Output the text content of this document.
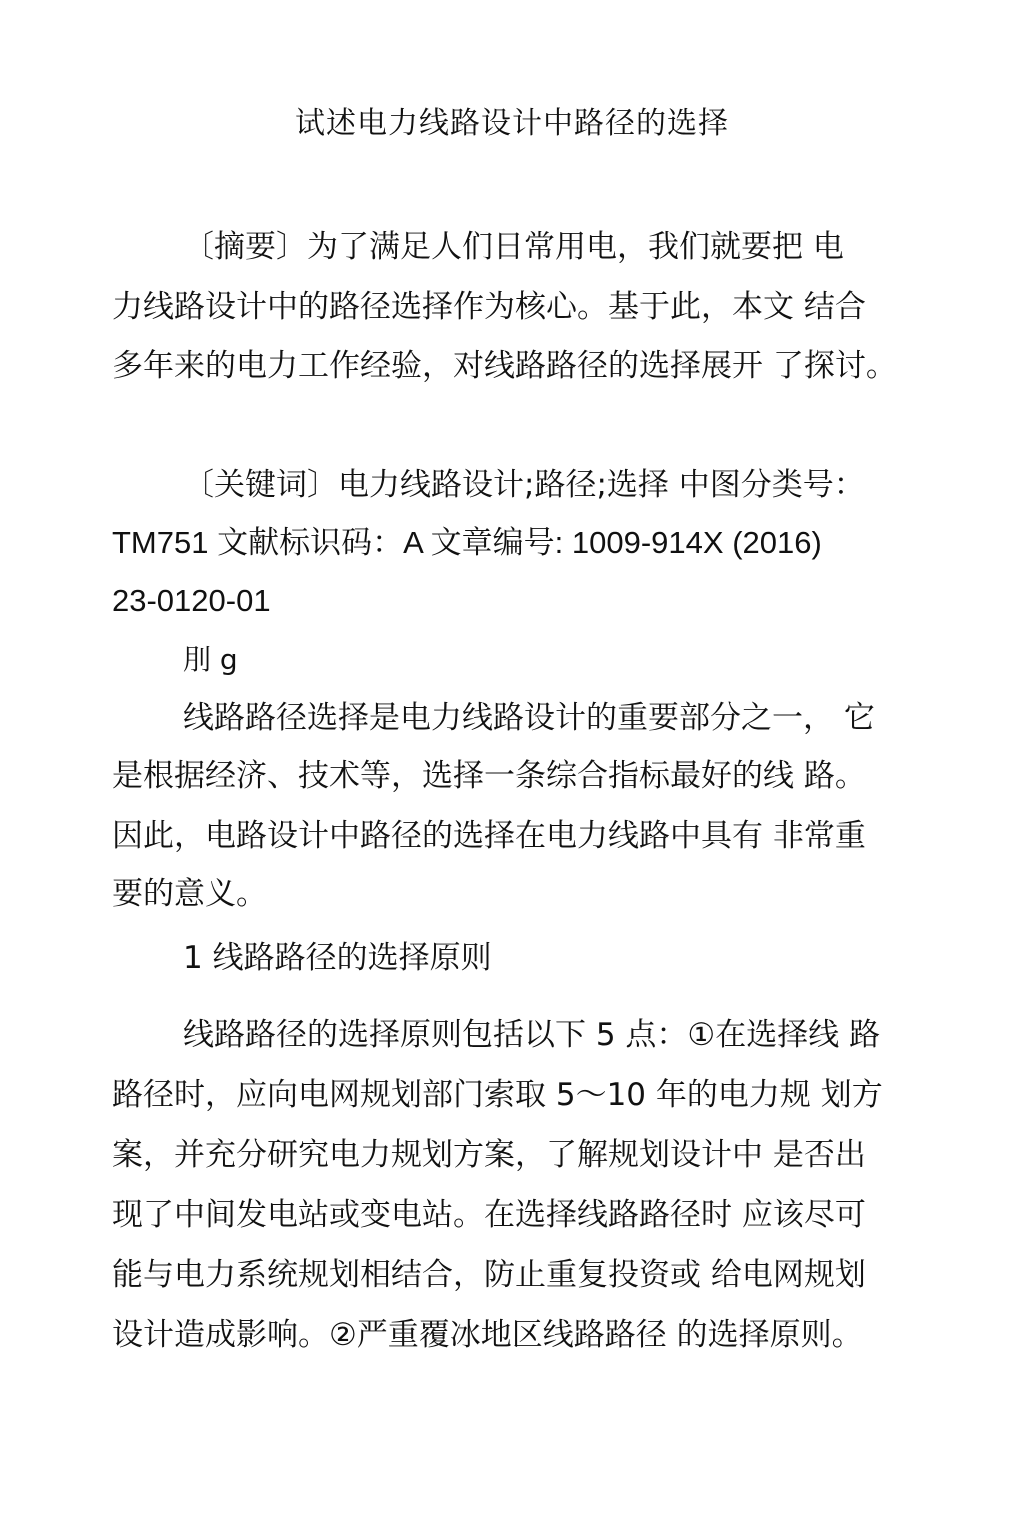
试述电力线路设计中路径的选择
〔摘要〕为了满足人们日常用电，我们就要把 电
力线路设计中的路径选择作为核心。基于此，本文 结合
多年来的电力工作经验，对线路路径的选择展开 了探讨。
〔关键词〕电力线路设计;路径;选择 中图分类号：
TM751 文献标识码：A 文章编号: 1009-914X (2016)
23-0120-01
刖 g
线路路径选择是电力线路设计的重要部分之一， 它
是根据经济、技术等，选择一条综合指标最好的线 路。
因此，电路设计中路径的选择在电力线路中具有 非常重
要的意义。
1 线路路径的选择原则
线路路径的选择原则包括以下 5 点：①在选择线 路
路径时，应向电网规划部门索取 5～10 年的电力规 划方
案，并充分研究电力规划方案，了解规划设计中 是否出
现了中间发电站或变电站。在选择线路路径时 应该尽可
能与电力系统规划相结合，防止重复投资或 给电网规划
设计造成影响。②严重覆冰地区线路路径 的选择原则。
